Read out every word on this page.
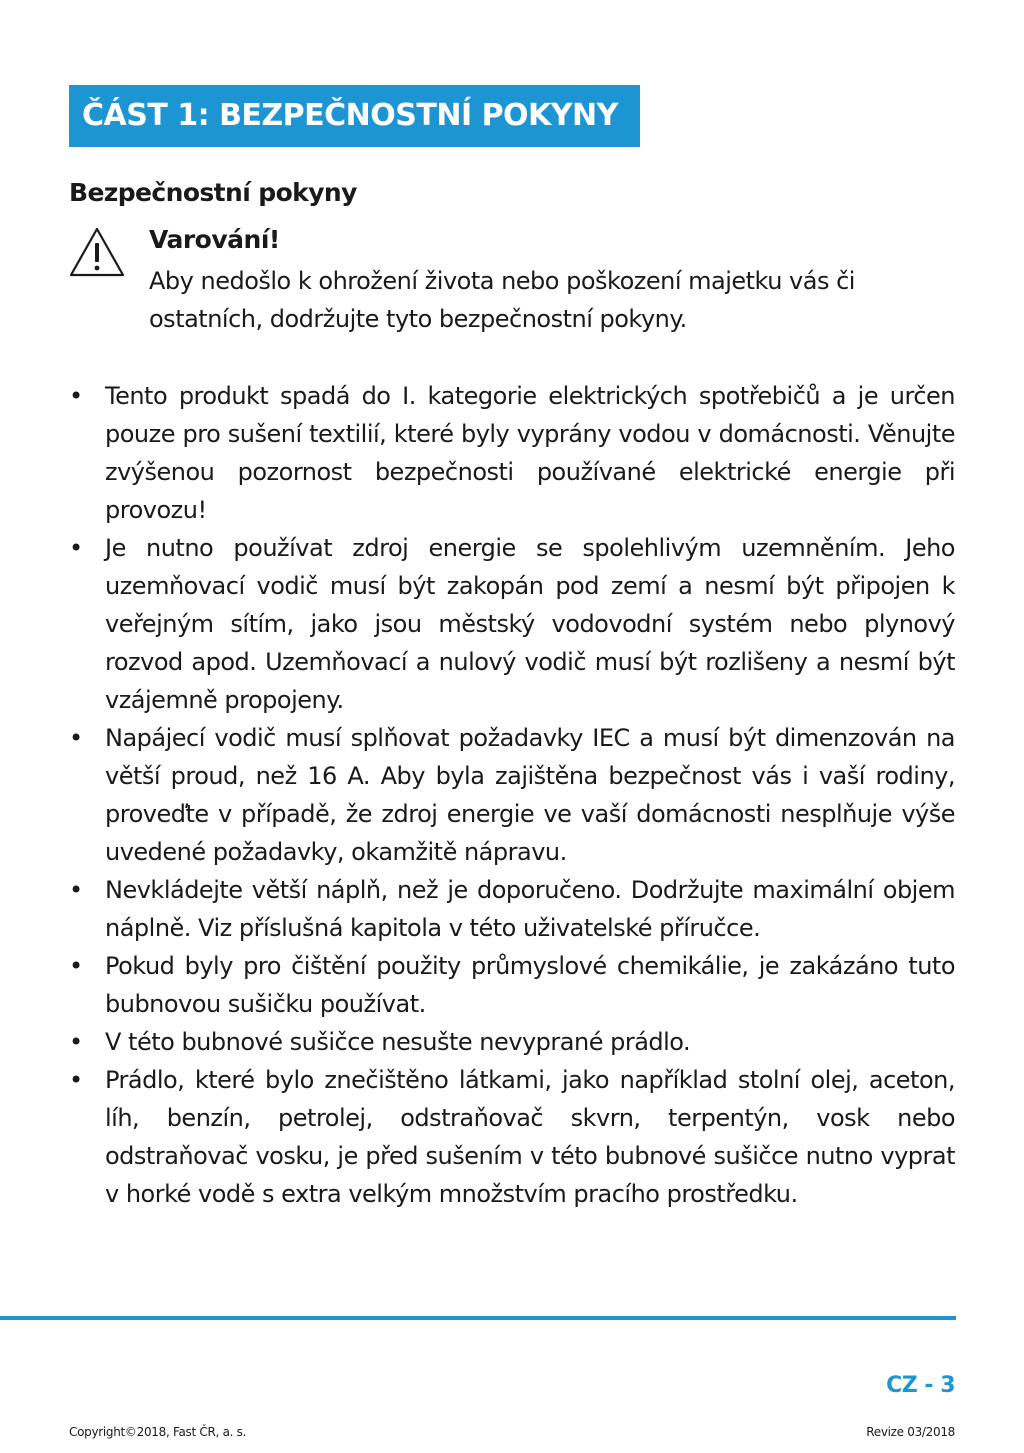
ČÁST 1: BEZPEČNOSTNÍ POKYNY
Bezpečnostní pokyny
Varování!
Aby nedošlo k ohrožení života nebo poškození majetku vás či ostatních, dodržujte tyto bezpečnostní pokyny.
• Tento produkt spadá do I. kategorie elektrických spotřebičů a je určen pouze pro sušení textilií, které byly vyprány vodou v domácnosti. Věnujte zvýšenou pozornost bezpečnosti používané elektrické energie při provozu!
• Je nutno používat zdroj energie se spolehlivým uzemněním. Jeho uzemňovací vodič musí být zakopán pod zemí a nesmí být připojen k veřejným sítím, jako jsou městský vodovodní systém nebo plynový rozvod apod. Uzemňovací a nulový vodič musí být rozlišeny a nesmí být vzájemně propojeny.
• Napájecí vodič musí splňovat požadavky IEC a musí být dimenzován na větší proud, než 16 A. Aby byla zajištěna bezpečnost vás i vaší rodiny, proveďte v případě, že zdroj energie ve vaší domácnosti nesplňuje výše uvedené požadavky, okamžitě nápravu.
• Nevkládejte větší náplň, než je doporučeno. Dodržujte maximální objem náplně. Viz příslušná kapitola v této uživatelské příručce.
• Pokud byly pro čištění použity průmyslové chemikálie, je zakázáno tuto bubnovou sušičku používat.
• V této bubnové sušičce nesušte nevyprané prádlo.
• Prádlo, které bylo znečištěno látkami, jako například stolní olej, aceton, líh, benzín, petrolej, odstraňovač skvrn, terpentýn, vosk nebo odstraňovač vosku, je před sušením v této bubnové sušičce nutno vyprat v horké vodě s extra velkým množstvím pracího prostředku.
CZ - 3
Copyright©2018, Fast ČR, a. s.	Revize 03/2018
